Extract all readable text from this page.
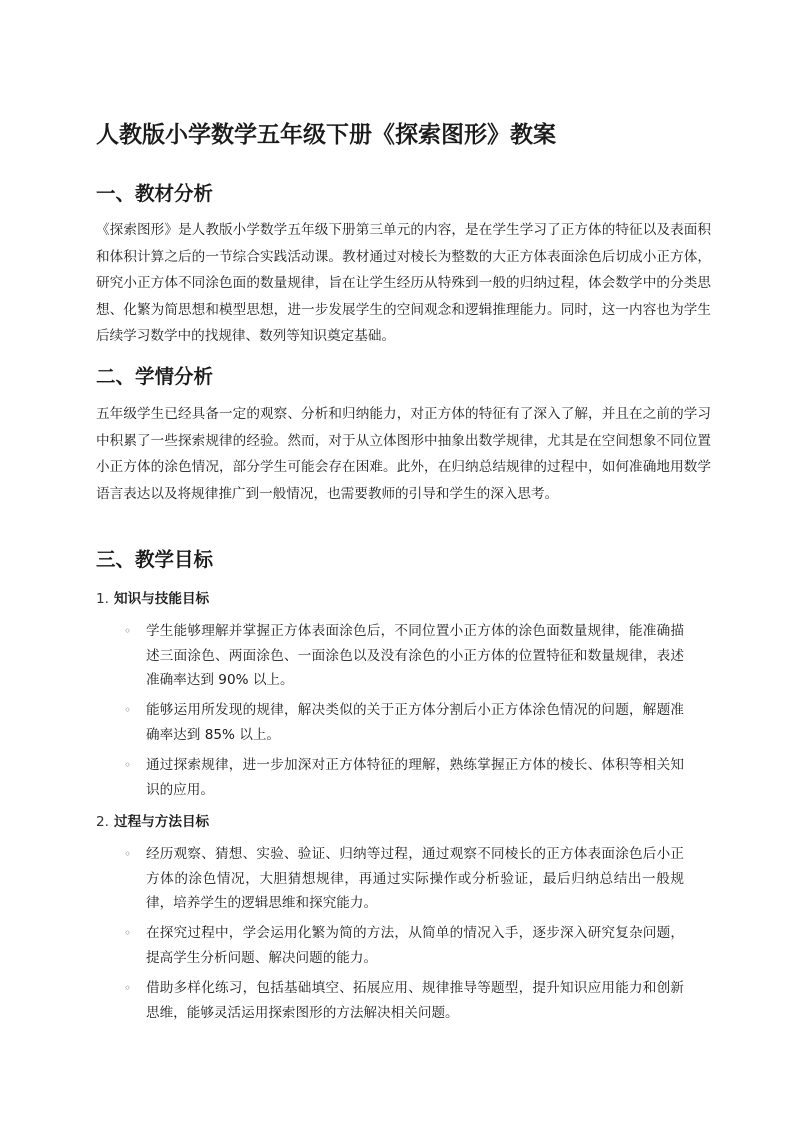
人教版小学数学五年级下册《探索图形》教案
一、教材分析

《探索图形》是人教版小学数学五年级下册第三单元的内容，是在学生学习了正方体的特征以及表面积和体积计算之后的一节综合实践活动课。教材通过对棱长为整数的大正方体表面涂色后切成小正方体，研究小正方体不同涂色面的数量规律，旨在让学生经历从特殊到一般的归纳过程，体会数学中的分类思想、化繁为简思想和模型思想，进一步发展学生的空间观念和逻辑推理能力。同时，这一内容也为学生后续学习数学中的找规律、数列等知识奠定基础。

二、学情分析

五年级学生已经具备一定的观察、分析和归纳能力，对正方体的特征有了深入了解，并且在之前的学习中积累了一些探索规律的经验。然而，对于从立体图形中抽象出数学规律，尤其是在空间想象不同位置小正方体的涂色情况，部分学生可能会存在困难。此外，在归纳总结规律的过程中，如何准确地用数学语言表达以及将规律推广到一般情况，也需要教师的引导和学生的深入思考。

三、教学目标
1. 知识与技能目标
◦ 学生能够理解并掌握正方体表面涂色后，不同位置小正方体的涂色面数量规律，能准确描述三面涂色、两面涂色、一面涂色以及没有涂色的小正方体的位置特征和数量规律，表述准确率达到 90% 以上。
◦ 能够运用所发现的规律，解决类似的关于正方体分割后小正方体涂色情况的问题，解题准确率达到 85% 以上。
◦ 通过探索规律，进一步加深对正方体特征的理解，熟练掌握正方体的棱长、体积等相关知识的应用。
2. 过程与方法目标
◦ 经历观察、猜想、实验、验证、归纳等过程，通过观察不同棱长的正方体表面涂色后小正方体的涂色情况，大胆猜想规律，再通过实际操作或分析验证，最后归纳总结出一般规律，培养学生的逻辑思维和探究能力。
◦ 在探究过程中，学会运用化繁为简的方法，从简单的情况入手，逐步深入研究复杂问题，提高学生分析问题、解决问题的能力。
◦ 借助多样化练习，包括基础填空、拓展应用、规律推导等题型，提升知识应用能力和创新思维，能够灵活运用探索图形的方法解决相关问题。
